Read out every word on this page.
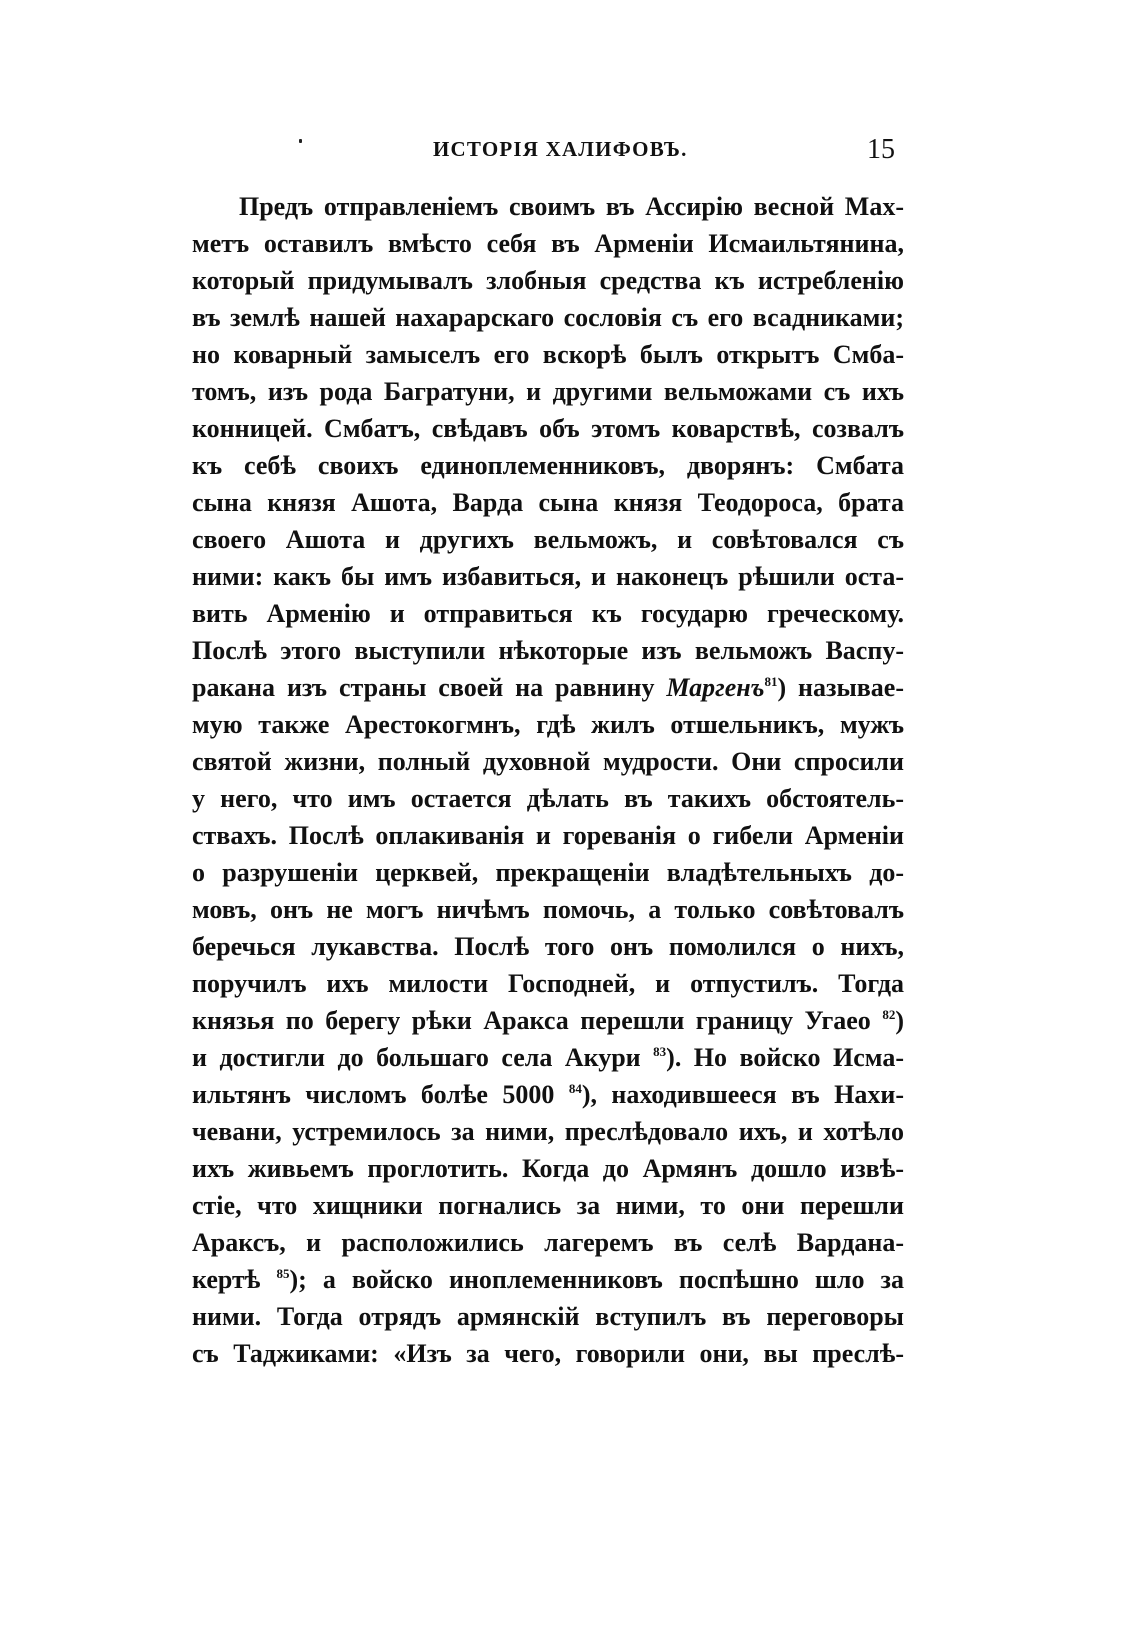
ИСТОРІЯ ХАЛИФОВЪ.	15
Предъ отправленіемъ своимъ въ Ассирію весной Мах-
метъ оставилъ вмѣсто себя въ Арменіи Исмаильтянина,
который придумывалъ злобныя средства къ истребленію
въ землѣ нашей нахарарскаго сословія съ его всадниками;
но коварный замыселъ его вскорѣ былъ открытъ Смба-
томъ, изъ рода Багратуни, и другими вельможами съ ихъ
конницей. Смбатъ, свѣдавъ объ этомъ коварствѣ, созвалъ
къ себѣ своихъ единоплеменниковъ, дворянъ: Смбата
сына князя Ашота, Варда сына князя Теодороса, брата
своего Ашота и другихъ вельможъ, и совѣтовался съ
ними: какъ бы имъ избавиться, и наконецъ рѣшили оста-
вить Арменію и отправиться къ государю греческому.
Послѣ этого выступили нѣкоторые изъ вельможъ Васпу-
ракана изъ страны своей на равнину Маргенъ$^{81}$) называе-
мую также Арестокогмнъ, гдѣ жилъ отшельникъ, мужъ
святой жизни, полный духовной мудрости. Они спросили
у него, что имъ остается дѣлать въ такихъ обстоятель-
ствахъ. Послѣ оплакиванія и горeванія о гибели Арменіи
о разрушеніи церквей, прекращеніи владѣтельныхъ до-
мовъ, онъ не могъ ничѣмъ помочь, а только совѣтовалъ
беречься лукавства. Послѣ того онъ помолился о нихъ,
поручилъ ихъ милости Господней, и отпустилъ. Тогда
князья по берегу рѣки Аракса перешли границу Угаео $^{82}$)
и достигли до большаго села Акури $^{83}$). Но войско Исма-
ильтянъ числомъ болѣе 5000 $^{84}$), находившееся въ Нахи-
чевани, устремилось за ними, преслѣдовало ихъ, и хотѣло
ихъ живьемъ проглотить. Когда до Армянъ дошло извѣ-
стіе, что хищники погнались за ними, то они перешли
Араксъ, и расположились лагеремъ въ селѣ Вардана-
кертѣ $^{85}$); а войско иноплеменниковъ поспѣшно шло за
ними. Тогда отрядъ армянскій вступилъ въ переговоры
съ Таджиками: «Изъ за чего, говорили они, вы преслѣ-
